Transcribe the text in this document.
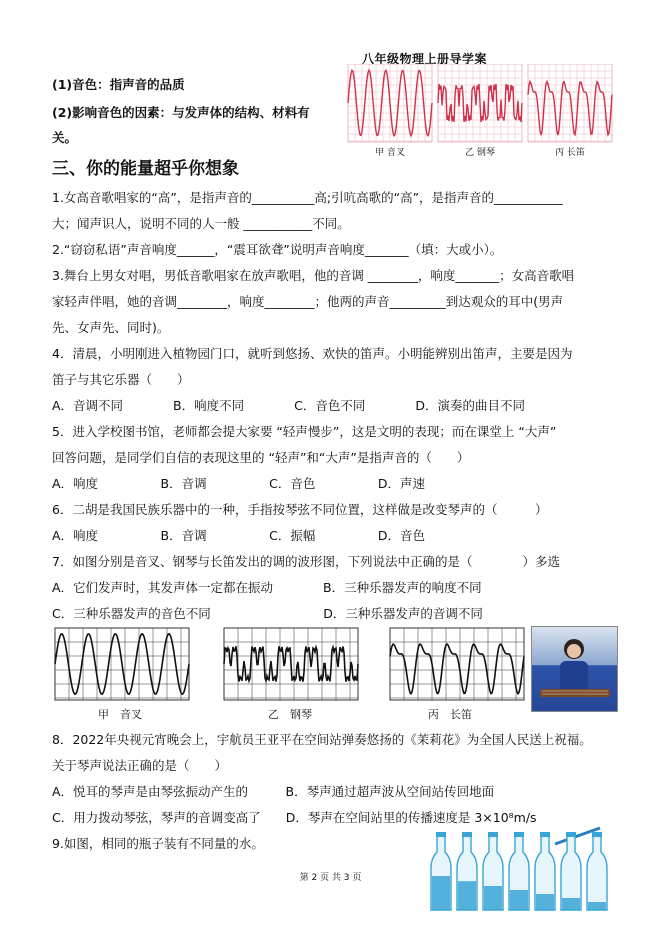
八年级物理上册导学案
甲 音叉	乙 钢琴	丙 长笛
(1)音色：指声音的品质
(2)影响音色的因素：与发声体的结构、材料有
关。
三、你的能量超乎你想象
1.女高音歌唱家的“高”，是指声音的__________高;引吭高歌的“高”，是指声音的___________
大；闻声识人，说明不同的人一般 ___________不同。
2.“窃窃私语”声音响度______，“震耳欲聋”说明声音响度_______（填：大或小）。
3.舞台上男女对唱，男低音歌唱家在放声歌唱，他的音调 ________，响度_______；女高音歌唱
家轻声伴唱，她的音调________，响度________；他两的声音_________到达观众的耳中(男声
先、女声先、同时)。
4．清晨，小明刚进入植物园门口，就听到悠扬、欢快的笛声。小明能辨别出笛声，主要是因为
笛子与其它乐器（　　）
A．音调不同　　　　B．响度不同　　　　C．音色不同　　　　D．演奏的曲目不同
5．进入学校图书馆，老师都会提大家要 “轻声慢步”，这是文明的表现；而在课堂上 “大声”
回答问题，是同学们自信的表现这里的 “轻声”和“大声”是指声音的（　　）
A．响度　　　　　B．音调　　　　　C．音色　　　　　D．声速
6．二胡是我国民族乐器中的一种，手指按琴弦不同位置，这样做是改变琴声的（　　　）
A．响度　　　　　B．音调　　　　　C．振幅　　　　　D．音色
7．如图分别是音叉、钢琴与长笛发出的调的波形图，下列说法中正确的是（　　　　）多选
A．它们发声时，其发声体一定都在振动　　　　B．三种乐器发声的响度不同
C．三种乐器发声的音色不同　　　　　　　　　D．三种乐器发声的音调不同
甲　音叉	乙　钢琴	丙　长笛
8．2022年央视元宵晚会上，宇航员王亚平在空间站弹奏悠扬的《茉莉花》为全国人民送上祝福。
关于琴声说法正确的是（　　）
A．悦耳的琴声是由琴弦振动产生的　　　B．琴声通过超声波从空间站传回地面
C．用力拨动琴弦，琴声的音调变高了　　D．琴声在空间站里的传播速度是 3×10⁸m/s
9.如图，相同的瓶子装有不同量的水。
第 2 页 共 3 页
